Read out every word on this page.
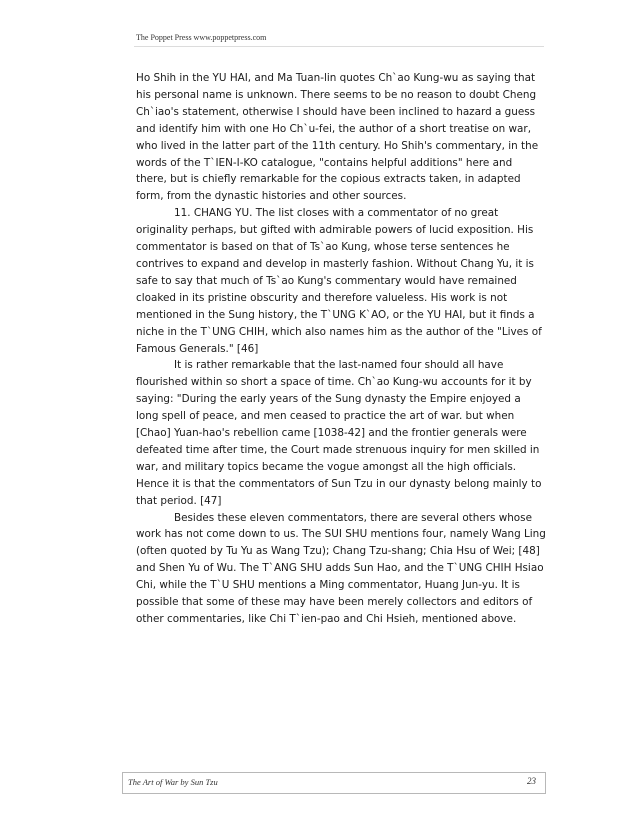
The Poppet Press www.poppetpress.com

Ho Shih in the YU HAI, and Ma Tuan-lin quotes Ch`ao Kung-wu as saying that his personal name is unknown. There seems to be no reason to doubt Cheng Ch`iao's statement, otherwise I should have been inclined to hazard a guess and identify him with one Ho Ch`u-fei, the author of a short treatise on war, who lived in the latter part of the 11th century. Ho Shih's commentary, in the words of the T`IEN-I-KO catalogue, "contains helpful additions" here and there, but is chiefly remarkable for the copious extracts taken, in adapted form, from the dynastic histories and other sources.

11. CHANG YU. The list closes with a commentator of no great originality perhaps, but gifted with admirable powers of lucid exposition. His commentator is based on that of Ts`ao Kung, whose terse sentences he contrives to expand and develop in masterly fashion. Without Chang Yu, it is safe to say that much of Ts`ao Kung's commentary would have remained cloaked in its pristine obscurity and therefore valueless. His work is not mentioned in the Sung history, the T`UNG K`AO, or the YU HAI, but it finds a niche in the T`UNG CHIH, which also names him as the author of the "Lives of Famous Generals." [46]

It is rather remarkable that the last-named four should all have flourished within so short a space of time. Ch`ao Kung-wu accounts for it by saying: "During the early years of the Sung dynasty the Empire enjoyed a long spell of peace, and men ceased to practice the art of war. but when [Chao] Yuan-hao's rebellion came [1038-42] and the frontier generals were defeated time after time, the Court made strenuous inquiry for men skilled in war, and military topics became the vogue amongst all the high officials. Hence it is that the commentators of Sun Tzu in our dynasty belong mainly to that period. [47]

Besides these eleven commentators, there are several others whose work has not come down to us. The SUI SHU mentions four, namely Wang Ling (often quoted by Tu Yu as Wang Tzu); Chang Tzu-shang; Chia Hsu of Wei; [48] and Shen Yu of Wu. The T`ANG SHU adds Sun Hao, and the T`UNG CHIH Hsiao Chi, while the T`U SHU mentions a Ming commentator, Huang Jun-yu. It is possible that some of these may have been merely collectors and editors of other commentaries, like Chi T`ien-pao and Chi Hsieh, mentioned above.

The Art of War by Sun Tzu	23
